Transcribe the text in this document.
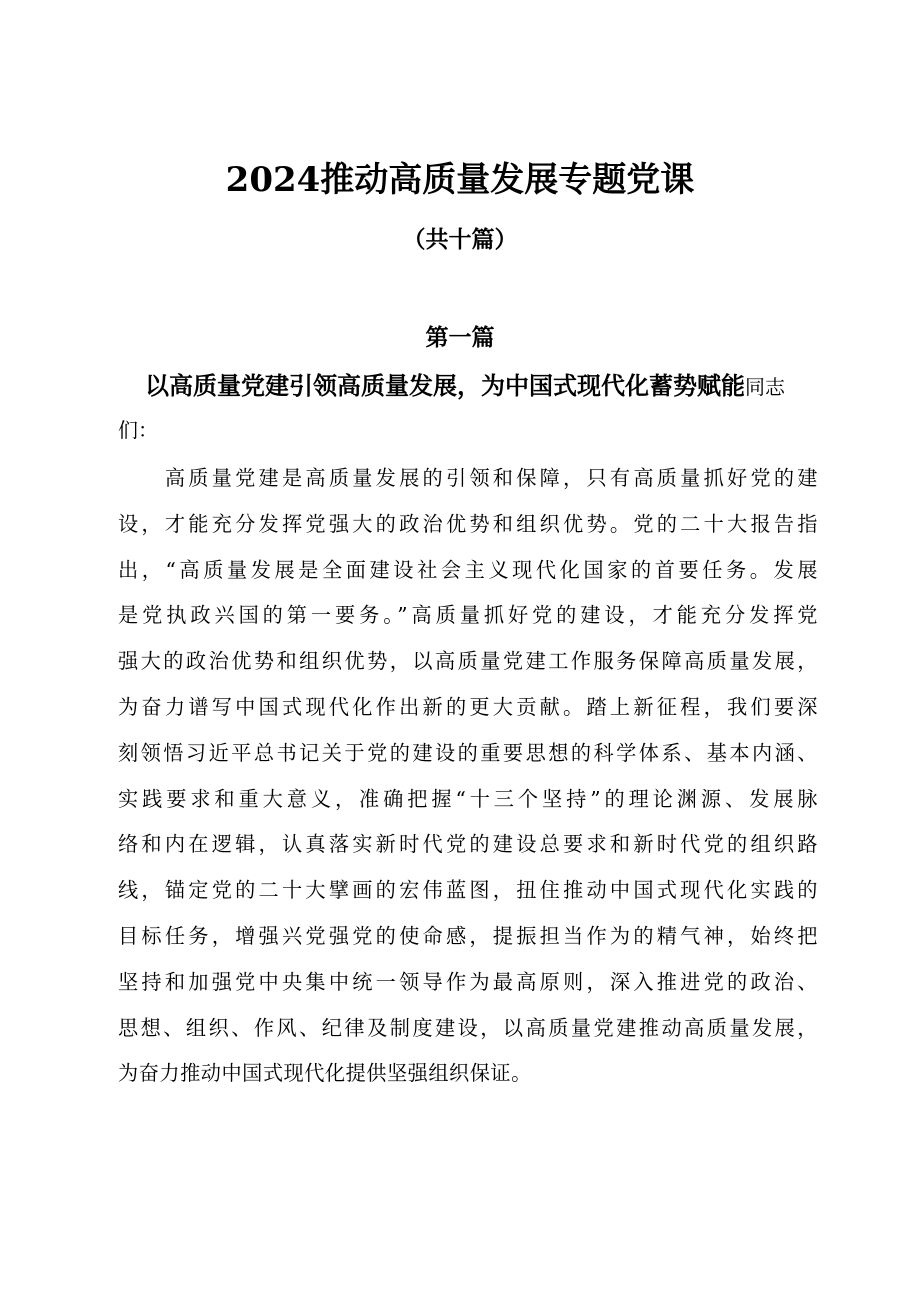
2024推动高质量发展专题党课
（共十篇）
第一篇
以高质量党建引领高质量发展，为中国式现代化蓄势赋能同志
们：
　　高质量党建是高质量发展的引领和保障，只有高质量抓好党的建
设，才能充分发挥党强大的政治优势和组织优势。党的二十大报告指
出，“高质量发展是全面建设社会主义现代化国家的首要任务。发展
是党执政兴国的第一要务。”高质量抓好党的建设，才能充分发挥党
强大的政治优势和组织优势，以高质量党建工作服务保障高质量发展，
为奋力谱写中国式现代化作出新的更大贡献。踏上新征程，我们要深
刻领悟习近平总书记关于党的建设的重要思想的科学体系、基本内涵、
实践要求和重大意义，准确把握“十三个坚持”的理论渊源、发展脉
络和内在逻辑，认真落实新时代党的建设总要求和新时代党的组织路
线，锚定党的二十大擘画的宏伟蓝图，扭住推动中国式现代化实践的
目标任务，增强兴党强党的使命感，提振担当作为的精气神，始终把
坚持和加强党中央集中统一领导作为最高原则，深入推进党的政治、
思想、组织、作风、纪律及制度建设，以高质量党建推动高质量发展，
为奋力推动中国式现代化提供坚强组织保证。
